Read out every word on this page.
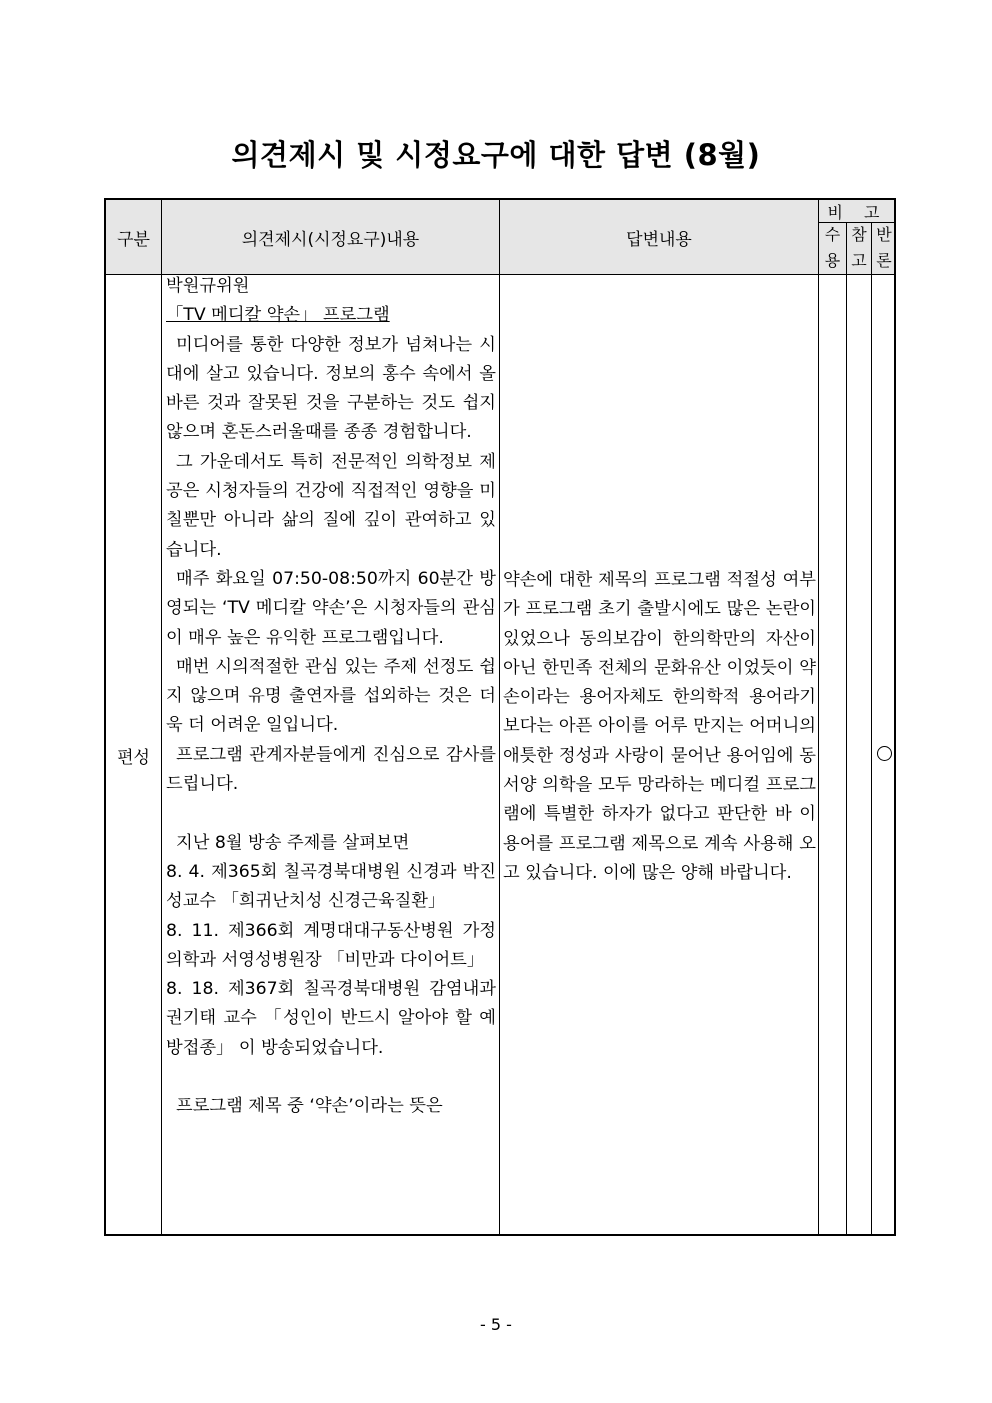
의견제시 및 시정요구에 대한 답변 (8월)
구분	의견제시(시정요구)내용	답변내용
비 고
수
용
참
고
반
론
편성

박원규위원

「TV 메디칼 약손」 프로그램

미디어를 통한 다양한 정보가 넘쳐나는 시대에 살고 있습니다. 정보의 홍수 속에서 올바른 것과 잘못된 것을 구분하는 것도 쉽지 않으며 혼돈스러울때를 종종 경험합니다.

그 가운데서도 특히 전문적인 의학정보 제공은 시청자들의 건강에 직접적인 영향을 미칠뿐만 아니라 삶의 질에 깊이 관여하고 있습니다.

매주 화요일 07:50-08:50까지 60분간 방영되는 ‘TV 메디칼 약손’은 시청자들의 관심이 매우 높은 유익한 프로그램입니다.

매번 시의적절한 관심 있는 주제 선정도 쉽지 않으며 유명 출연자를 섭외하는 것은 더욱 더 어려운 일입니다.

프로그램 관계자분들에게 진심으로 감사를 드립니다.

지난 8월 방송 주제를 살펴보면

8. 4. 제365회 칠곡경북대병원 신경과 박진성교수 「희귀난치성 신경근육질환」

8. 11. 제366회 계명대대구동산병원 가정의학과 서영성병원장 「비만과 다이어트」

8. 18. 제367회 칠곡경북대병원 감염내과 권기태 교수 「성인이 반드시 알아야 할 예방접종」 이 방송되었습니다.

프로그램 제목 중 ‘약손’이라는 뜻은

약손에 대한 제목의 프로그램 적절성 여부가 프로그램 초기 출발시에도 많은 논란이 있었으나 동의보감이 한의학만의 자산이 아닌 한민족 전체의 문화유산 이었듯이 약손이라는 용어자체도 한의학적 용어라기 보다는 아픈 아이를 어루 만지는 어머니의 애틋한 정성과 사랑이 묻어난 용어임에 동서양 의학을 모두 망라하는 메디컬 프로그램에 특별한 하자가 없다고 판단한 바 이 용어를 프로그램 제목으로 계속 사용해 오고 있습니다. 이에 많은 양해 바랍니다.
- 5 -
